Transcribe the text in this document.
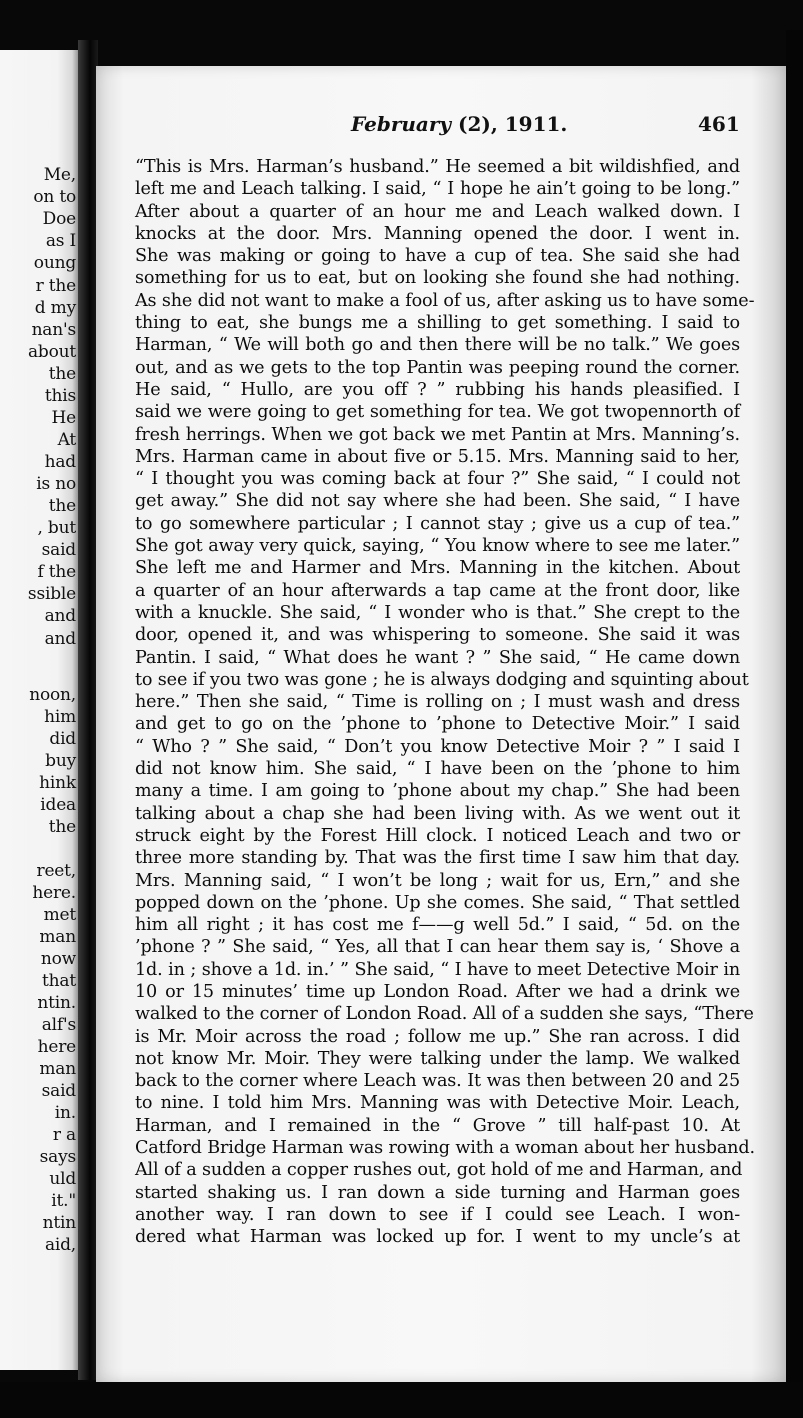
Me,
on to
Doe
as I
oung
r the
d my
nan's
about
the
this
He
At
had
is no
the
, but
said
f the
ssible
and
and
noon,
him
did
buy
hink
idea
the
reet,
here.
met
man
now
that
ntin.
alf's
here
man
said
in.
r a
says
uld
it."
ntin
aid,
February (2), 1911.	461
“This is Mrs. Harman’s husband.” He seemed a bit wildishfied, and
left me and Leach talking. I said, “ I hope he ain’t going to be long.”
After about a quarter of an hour me and Leach walked down. I
knocks at the door. Mrs. Manning opened the door. I went in.
She was making or going to have a cup of tea. She said she had
something for us to eat, but on looking she found she had nothing.
As she did not want to make a fool of us, after asking us to have some-
thing to eat, she bungs me a shilling to get something. I said to
Harman, “ We will both go and then there will be no talk.” We goes
out, and as we gets to the top Pantin was peeping round the corner.
He said, “ Hullo, are you off ? ” rubbing his hands pleasified. I
said we were going to get something for tea. We got twopennorth of
fresh herrings. When we got back we met Pantin at Mrs. Manning’s.
Mrs. Harman came in about five or 5.15. Mrs. Manning said to her,
“ I thought you was coming back at four ?” She said, “ I could not
get away.” She did not say where she had been. She said, “ I have
to go somewhere particular ; I cannot stay ; give us a cup of tea.”
She got away very quick, saying, “ You know where to see me later.”
She left me and Harmer and Mrs. Manning in the kitchen. About
a quarter of an hour afterwards a tap came at the front door, like
with a knuckle. She said, “ I wonder who is that.” She crept to the
door, opened it, and was whispering to someone. She said it was
Pantin. I said, “ What does he want ? ” She said, “ He came down
to see if you two was gone ; he is always dodging and squinting about
here.” Then she said, “ Time is rolling on ; I must wash and dress
and get to go on the ’phone to ’phone to Detective Moir.” I said
“ Who ? ” She said, “ Don’t you know Detective Moir ? ” I said I
did not know him. She said, “ I have been on the ’phone to him
many a time. I am going to ’phone about my chap.” She had been
talking about a chap she had been living with. As we went out it
struck eight by the Forest Hill clock. I noticed Leach and two or
three more standing by. That was the first time I saw him that day.
Mrs. Manning said, “ I won’t be long ; wait for us, Ern,” and she
popped down on the ’phone. Up she comes. She said, “ That settled
him all right ; it has cost me f——g well 5d.” I said, “ 5d. on the
’phone ? ” She said, “ Yes, all that I can hear them say is, ‘ Shove a
1d. in ; shove a 1d. in.’ ” She said, “ I have to meet Detective Moir in
10 or 15 minutes’ time up London Road. After we had a drink we
walked to the corner of London Road. All of a sudden she says, “There
is Mr. Moir across the road ; follow me up.” She ran across. I did
not know Mr. Moir. They were talking under the lamp. We walked
back to the corner where Leach was. It was then between 20 and 25
to nine. I told him Mrs. Manning was with Detective Moir. Leach,
Harman, and I remained in the “ Grove ” till half-past 10. At
Catford Bridge Harman was rowing with a woman about her husband.
All of a sudden a copper rushes out, got hold of me and Harman, and
started shaking us. I ran down a side turning and Harman goes
another way. I ran down to see if I could see Leach. I won-
dered what Harman was locked up for. I went to my uncle’s at
